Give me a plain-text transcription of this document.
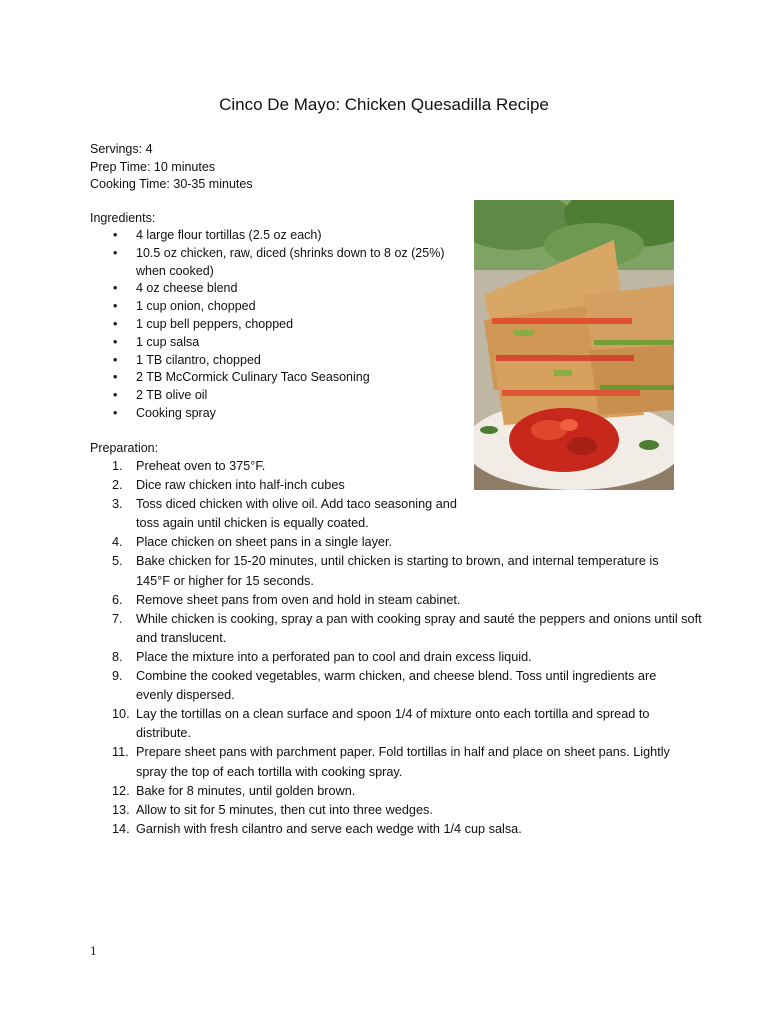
Cinco De Mayo: Chicken Quesadilla Recipe
Servings: 4
Prep Time: 10 minutes
Cooking Time: 30-35 minutes
Ingredients:
• 4 large flour tortillas (2.5 oz each)
• 10.5 oz chicken, raw, diced (shrinks down to 8 oz (25%) when cooked)
• 4 oz cheese blend
• 1 cup onion, chopped
• 1 cup bell peppers, chopped
• 1 cup salsa
• 1 TB cilantro, chopped
• 2 TB McCormick Culinary Taco Seasoning
• 2 TB olive oil
• Cooking spray
Preparation:
1.	Preheat oven to 375°F.
2.	Dice raw chicken into half-inch cubes
3.	Toss diced chicken with olive oil. Add taco seasoning and toss again until chicken is equally coated.
4.	Place chicken on sheet pans in a single layer.
5.	Bake chicken for 15-20 minutes, until chicken is starting to brown, and internal temperature is 145°F or higher for 15 seconds.
6.	Remove sheet pans from oven and hold in steam cabinet.
7.	While chicken is cooking, spray a pan with cooking spray and sauté the peppers and onions until soft and translucent.
8.	Place the mixture into a perforated pan to cool and drain excess liquid.
9.	Combine the cooked vegetables, warm chicken, and cheese blend. Toss until ingredients are evenly dispersed.
10. Lay the tortillas on a clean surface and spoon 1/4 of mixture onto each tortilla and spread to distribute.
11. Prepare sheet pans with parchment paper. Fold tortillas in half and place on sheet pans. Lightly spray the top of each tortilla with cooking spray.
12. Bake for 8 minutes, until golden brown.
13. Allow to sit for 5 minutes, then cut into three wedges.
14. Garnish with fresh cilantro and serve each wedge with 1/4 cup salsa.
1
